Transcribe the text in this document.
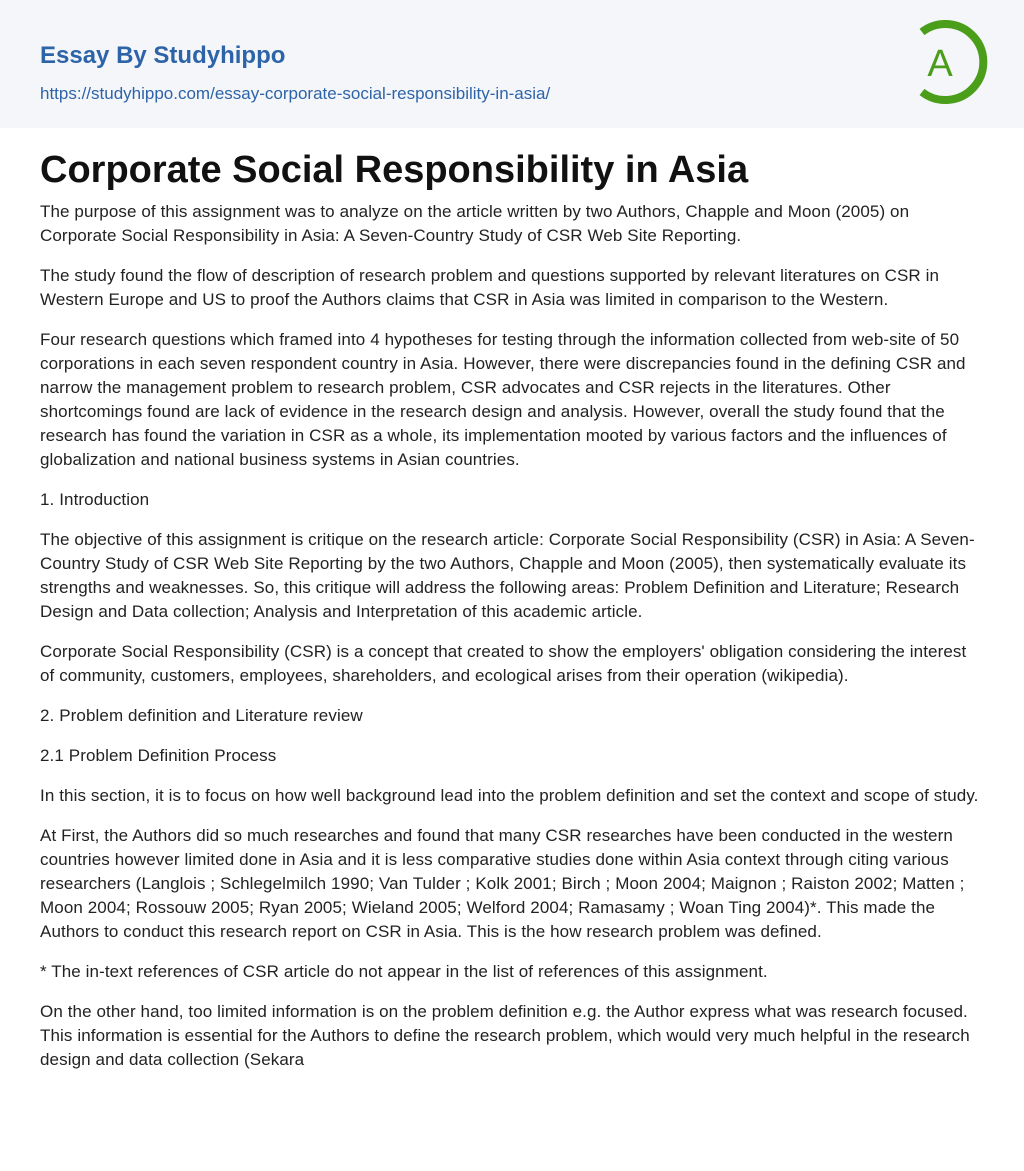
Essay By Studyhippo
https://studyhippo.com/essay-corporate-social-responsibility-in-asia/
A
Corporate Social Responsibility in Asia

The purpose of this assignment was to analyze on the article written by two Authors, Chapple and Moon (2005) on Corporate Social Responsibility in Asia: A Seven-Country Study of CSR Web Site Reporting.

The study found the flow of description of research problem and questions supported by relevant literatures on CSR in Western Europe and US to proof the Authors claims that CSR in Asia was limited in comparison to the Western.

Four research questions which framed into 4 hypotheses for testing through the information collected from web-site of 50 corporations in each seven respondent country in Asia. However, there were discrepancies found in the defining CSR and narrow the management problem to research problem, CSR advocates and CSR rejects in the literatures. Other shortcomings found are lack of evidence in the research design and analysis. However, overall the study found that the research has found the variation in CSR as a whole, its implementation mooted by various factors and the influences of globalization and national business systems in Asian countries.

1. Introduction

The objective of this assignment is critique on the research article: Corporate Social Responsibility (CSR) in Asia: A Seven-Country Study of CSR Web Site Reporting by the two Authors, Chapple and Moon (2005), then systematically evaluate its strengths and weaknesses. So, this critique will address the following areas: Problem Definition and Literature; Research Design and Data collection; Analysis and Interpretation of this academic article.

Corporate Social Responsibility (CSR) is a concept that created to show the employers' obligation considering the interest of community, customers, employees, shareholders, and ecological arises from their operation (wikipedia).

2. Problem definition and Literature review

2.1 Problem Definition Process

In this section, it is to focus on how well background lead into the problem definition and set the context and scope of study.

At First, the Authors did so much researches and found that many CSR researches have been conducted in the western countries however limited done in Asia and it is less comparative studies done within Asia context through citing various researchers (Langlois ; Schlegelmilch 1990; Van Tulder ; Kolk 2001; Birch ; Moon 2004; Maignon ; Raiston 2002; Matten ; Moon 2004; Rossouw 2005; Ryan 2005; Wieland 2005; Welford 2004; Ramasamy ; Woan Ting 2004)*. This made the Authors to conduct this research report on CSR in Asia. This is the how research problem was defined.

* The in-text references of CSR article do not appear in the list of references of this assignment.

On the other hand, too limited information is on the problem definition e.g. the Author express what was research focused. This information is essential for the Authors to define the research problem, which would very much helpful in the research design and data collection (Sekara
